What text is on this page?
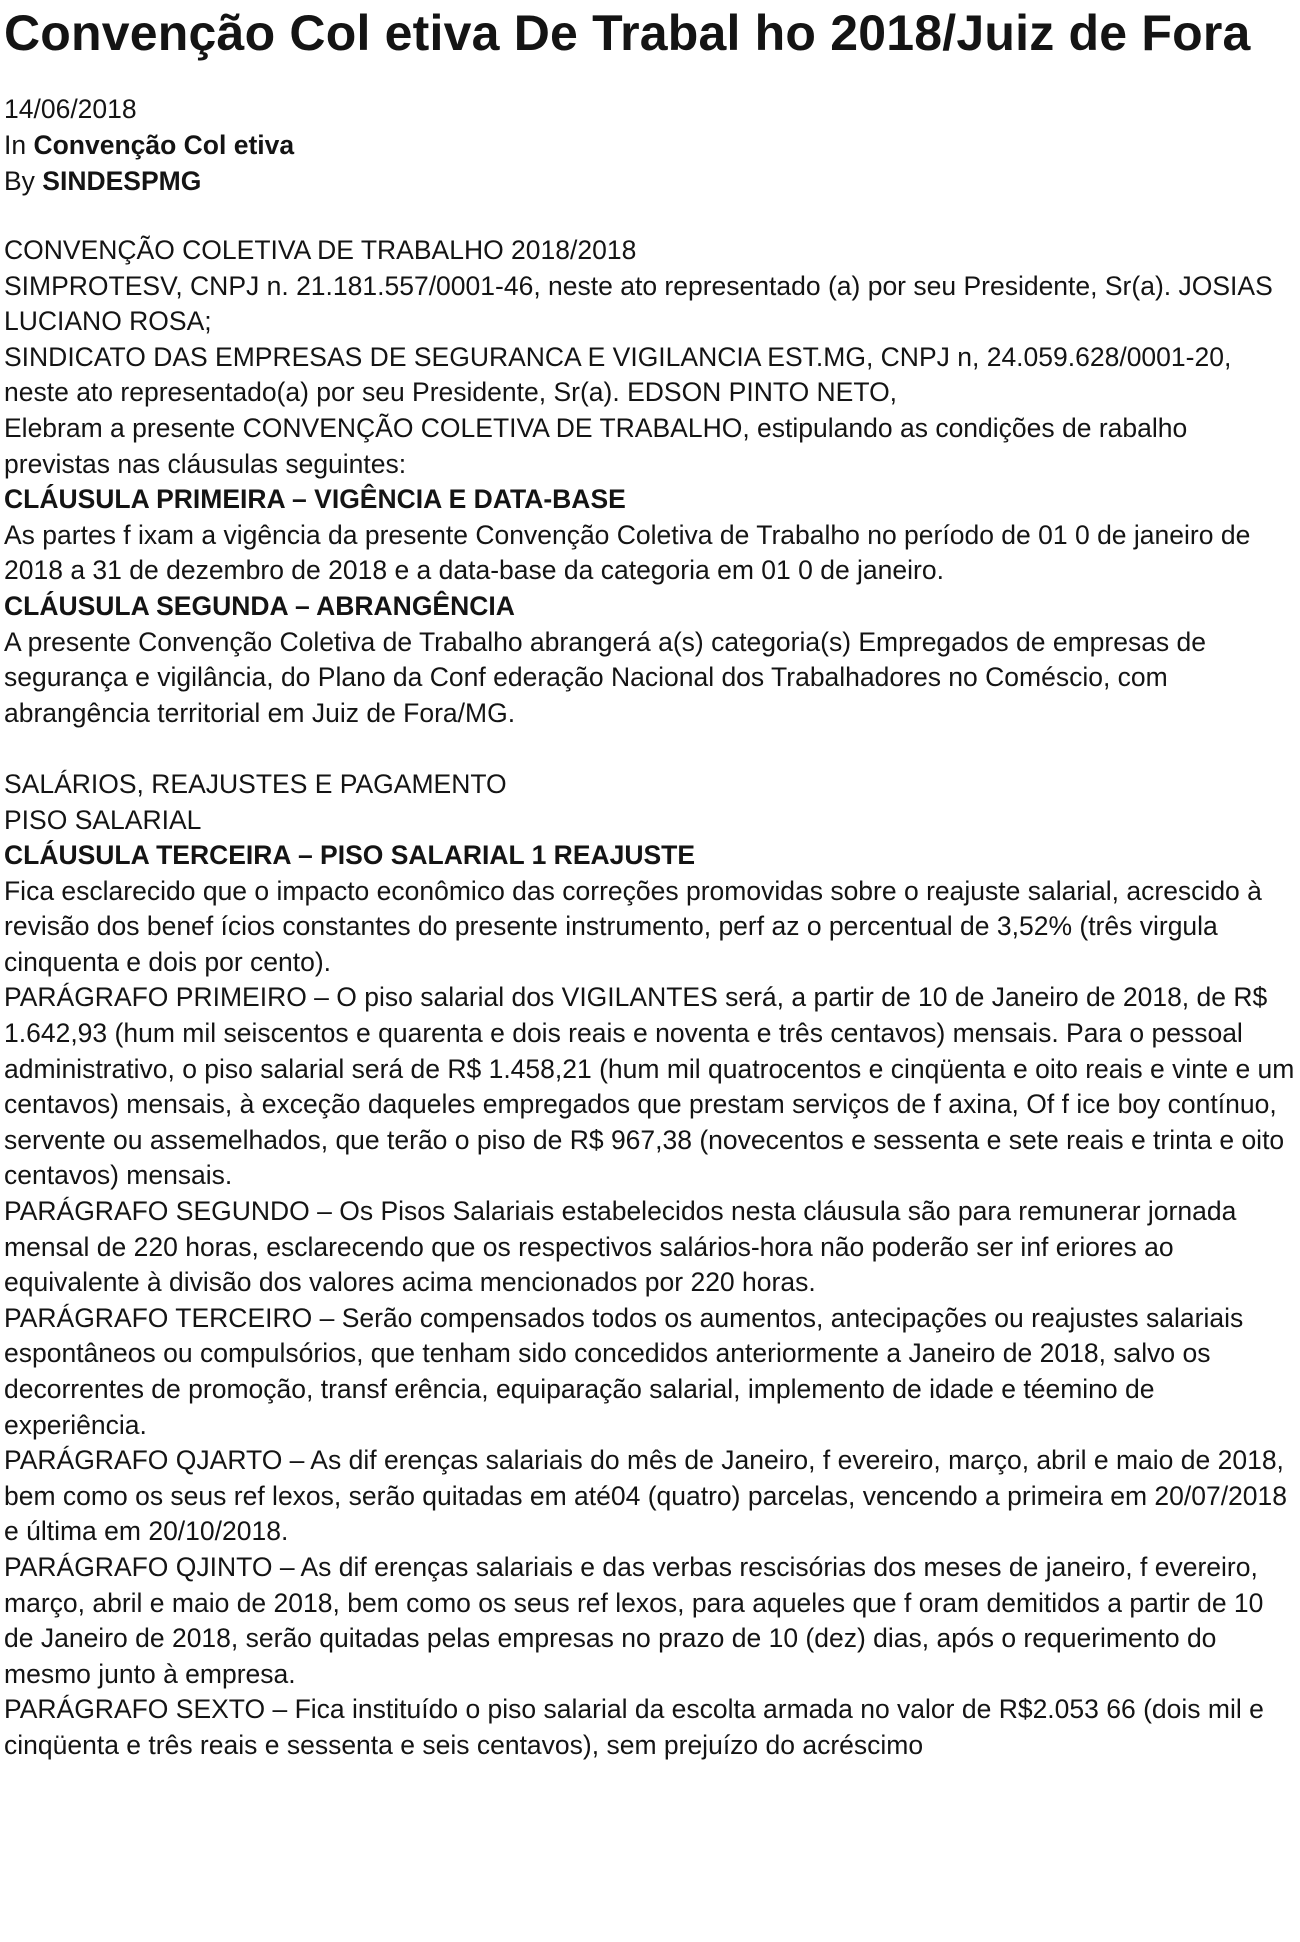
Convenção Col etiva De Trabal ho 2018/Juiz de Fora
14/06/2018
In Convenção Col etiva
By SINDESPMG

CONVENÇÃO COLETIVA DE TRABALHO 2018/2018

SIMPROTESV, CNPJ n. 21.181.557/0001-46, neste ato representado (a) por seu Presidente, Sr(a). JOSIAS LUCIANO ROSA;

SINDICATO DAS EMPRESAS DE SEGURANCA E VIGILANCIA EST.MG, CNPJ n, 24.059.628/0001-20, neste ato representado(a) por seu Presidente, Sr(a). EDSON PINTO NETO,

Elebram a presente CONVENÇÃO COLETIVA DE TRABALHO, estipulando as condições de rabalho previstas nas cláusulas seguintes:

CLÁUSULA PRIMEIRA – VIGÊNCIA E DATA-BASE

As partes f ixam a vigência da presente Convenção Coletiva de Trabalho no período de 01 0 de janeiro de 2018 a 31 de dezembro de 2018 e a data-base da categoria em 01 0 de janeiro.

CLÁUSULA SEGUNDA – ABRANGÊNCIA

A presente Convenção Coletiva de Trabalho abrangerá a(s) categoria(s) Empregados de empresas de segurança e vigilância, do Plano da Conf ederação Nacional dos Trabalhadores no Coméscio, com abrangência territorial em Juiz de Fora/MG.

SALÁRIOS, REAJUSTES E PAGAMENTO

PISO SALARIAL

CLÁUSULA TERCEIRA – PISO SALARIAL 1 REAJUSTE

Fica esclarecido que o impacto econômico das correções promovidas sobre o reajuste salarial, acrescido à revisão dos benef ícios constantes do presente instrumento, perf az o percentual de 3,52% (três virgula cinquenta e dois por cento).

PARÁGRAFO PRIMEIRO – O piso salarial dos VIGILANTES será, a partir de 10 de Janeiro de 2018, de R$ 1.642,93 (hum mil seiscentos e quarenta e dois reais e noventa e três centavos) mensais. Para o pessoal administrativo, o piso salarial será de R$ 1.458,21 (hum mil quatrocentos e cinqüenta e oito reais e vinte e um centavos) mensais, à exceção daqueles empregados que prestam serviços de f axina, Of f ice boy contínuo, servente ou assemelhados, que terão o piso de R$ 967,38 (novecentos e sessenta e sete reais e trinta e oito centavos) mensais.

PARÁGRAFO SEGUNDO – Os Pisos Salariais estabelecidos nesta cláusula são para remunerar jornada mensal de 220 horas, esclarecendo que os respectivos salários-hora não poderão ser inf eriores ao equivalente à divisão dos valores acima mencionados por 220 horas.

PARÁGRAFO TERCEIRO – Serão compensados todos os aumentos, antecipações ou reajustes salariais espontâneos ou compulsórios, que tenham sido concedidos anteriormente a Janeiro de 2018, salvo os decorrentes de promoção, transf erência, equiparação salarial, implemento de idade e téemino de experiência.

PARÁGRAFO QJARTO – As dif erenças salariais do mês de Janeiro, f evereiro, março, abril e maio de 2018, bem como os seus ref lexos, serão quitadas em até04 (quatro) parcelas, vencendo a primeira em 20/07/2018 e última em 20/10/2018.

PARÁGRAFO QJINTO – As dif erenças salariais e das verbas rescisórias dos meses de janeiro, f evereiro, março, abril e maio de 2018, bem como os seus ref lexos, para aqueles que f oram demitidos a partir de 10 de Janeiro de 2018, serão quitadas pelas empresas no prazo de 10 (dez) dias, após o requerimento do mesmo junto à empresa.

PARÁGRAFO SEXTO – Fica instituído o piso salarial da escolta armada no valor de R$2.053 66 (dois mil e cinqüenta e três reais e sessenta e seis centavos), sem prejuízo do acréscimo
